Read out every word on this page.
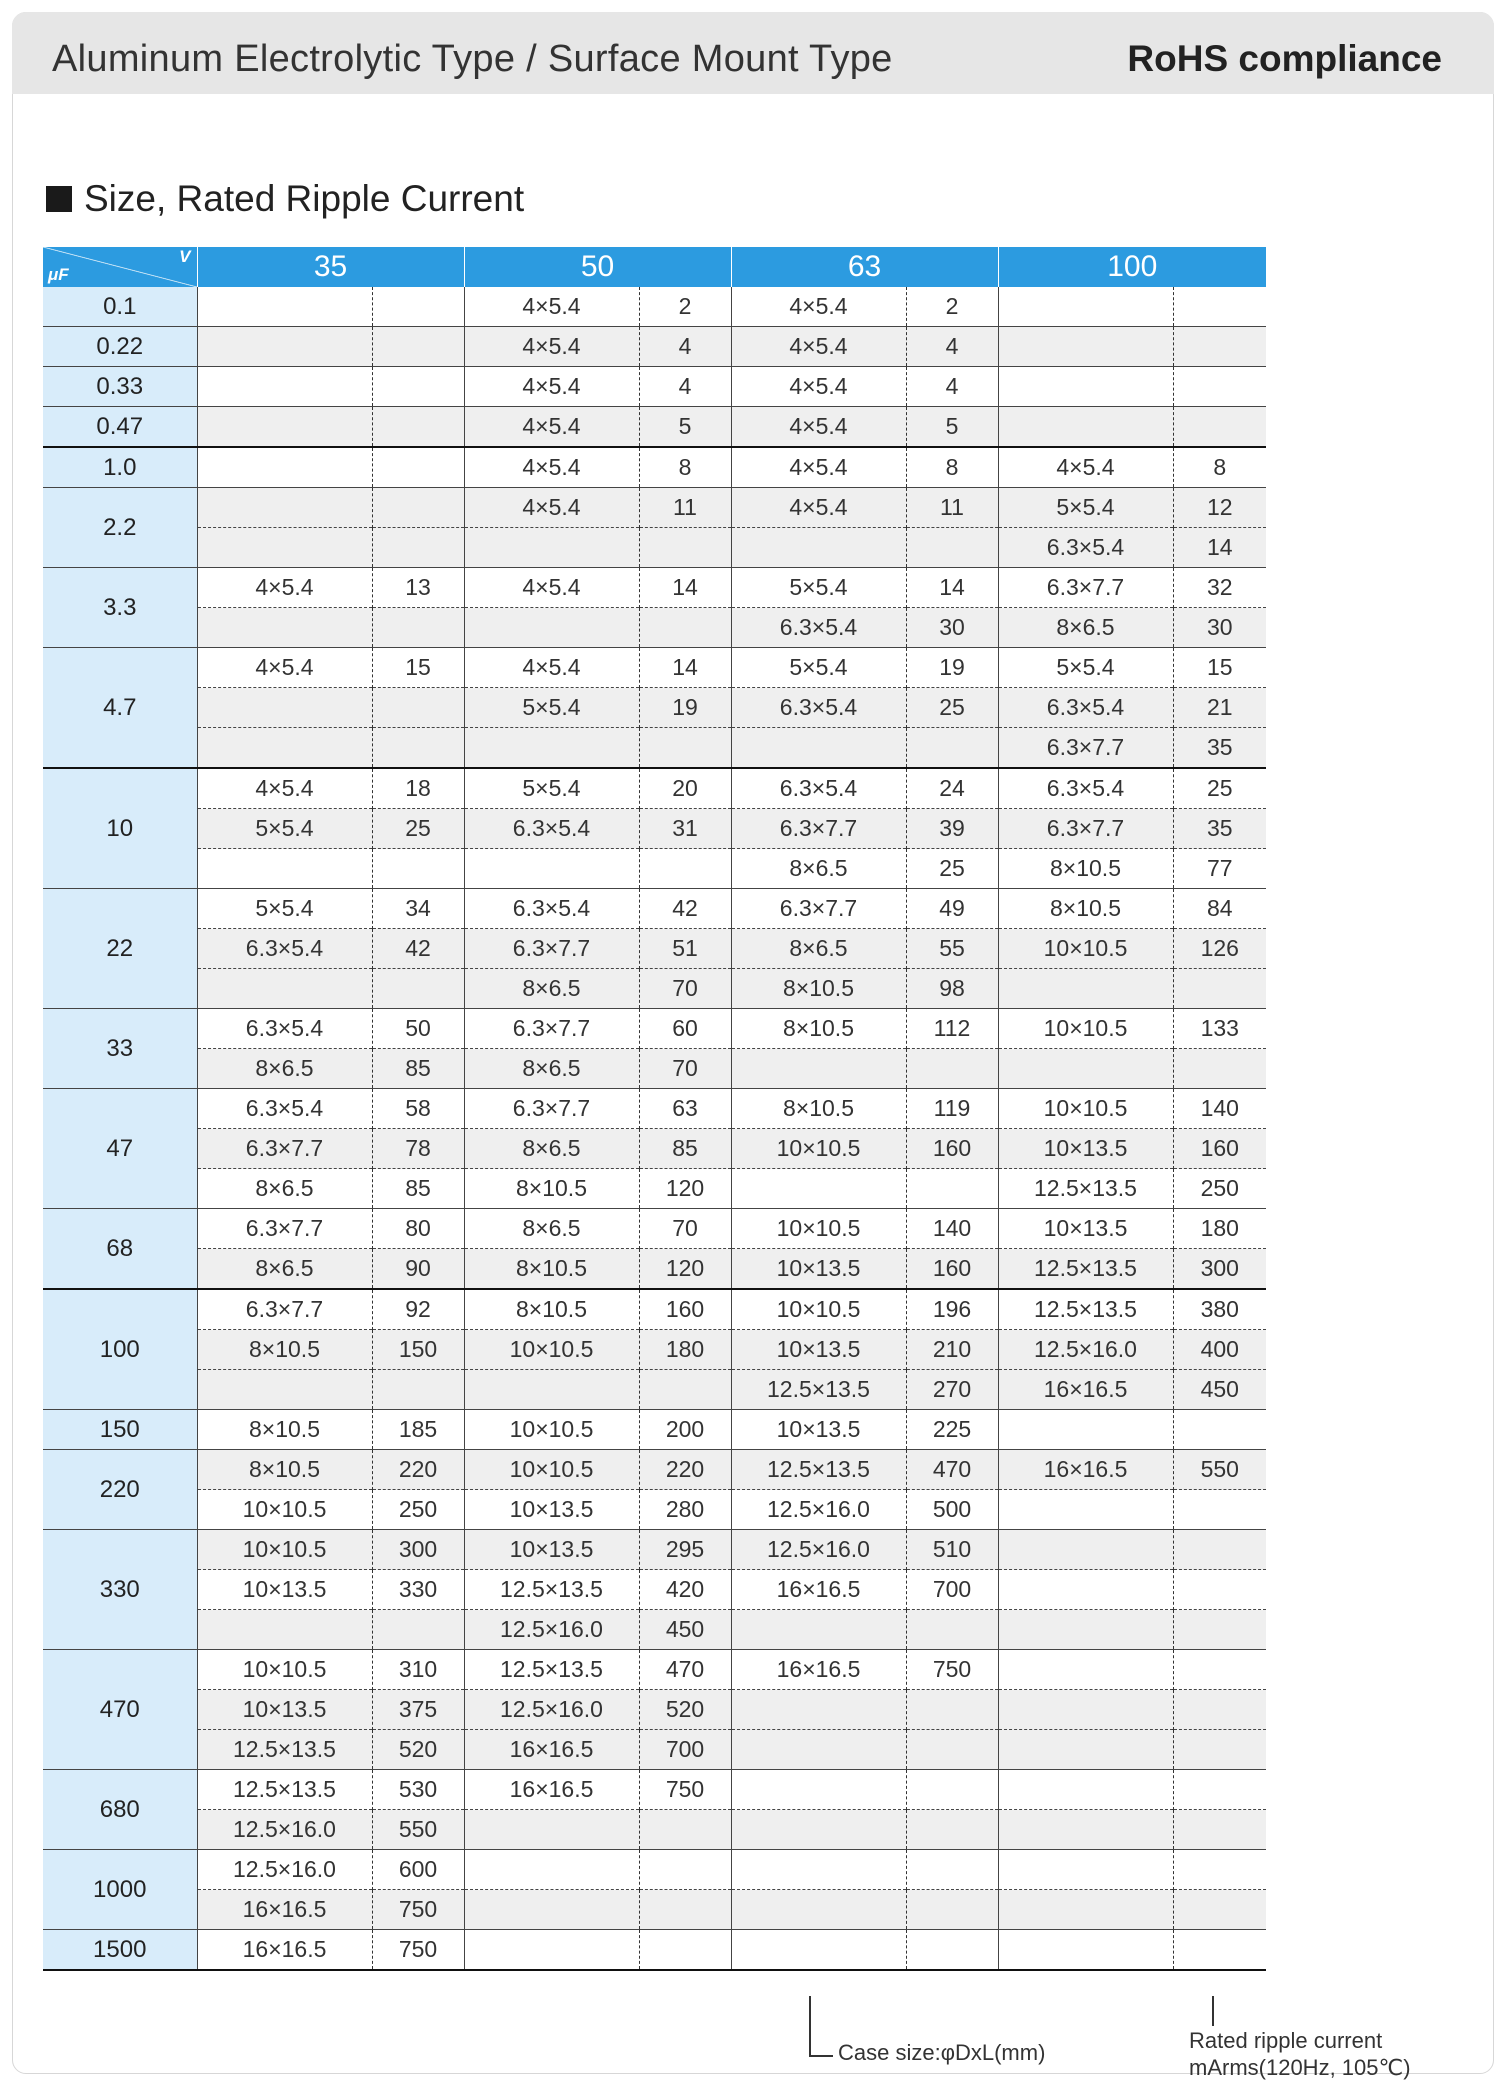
Aluminum Electrolytic Type / Surface Mount Type	RoHS compliance
Size, Rated Ripple Current
V
μF	35		50		63		100	
0.1			4×5.4	2	4×5.4	2		
0.22			4×5.4	4	4×5.4	4		
0.33			4×5.4	4	4×5.4	4		
0.47			4×5.4	5	4×5.4	5		
1.0			4×5.4	8	4×5.4	8	4×5.4	8
2.2			4×5.4	11	4×5.4	11	5×5.4	12
							6.3×5.4	14
3.3	4×5.4	13	4×5.4	14	5×5.4	14	6.3×7.7	32
					6.3×5.4	30	8×6.5	30
4.7	4×5.4	15	4×5.4	14	5×5.4	19	5×5.4	15
			5×5.4	19	6.3×5.4	25	6.3×5.4	21
							6.3×7.7	35
10	4×5.4	18	5×5.4	20	6.3×5.4	24	6.3×5.4	25
	5×5.4	25	6.3×5.4	31	6.3×7.7	39	6.3×7.7	35
					8×6.5	25	8×10.5	77
22	5×5.4	34	6.3×5.4	42	6.3×7.7	49	8×10.5	84
	6.3×5.4	42	6.3×7.7	51	8×6.5	55	10×10.5	126
			8×6.5	70	8×10.5	98		
33	6.3×5.4	50	6.3×7.7	60	8×10.5	112	10×10.5	133
	8×6.5	85	8×6.5	70				
47	6.3×5.4	58	6.3×7.7	63	8×10.5	119	10×10.5	140
	6.3×7.7	78	8×6.5	85	10×10.5	160	10×13.5	160
	8×6.5	85	8×10.5	120			12.5×13.5	250
68	6.3×7.7	80	8×6.5	70	10×10.5	140	10×13.5	180
	8×6.5	90	8×10.5	120	10×13.5	160	12.5×13.5	300
100	6.3×7.7	92	8×10.5	160	10×10.5	196	12.5×13.5	380
	8×10.5	150	10×10.5	180	10×13.5	210	12.5×16.0	400
					12.5×13.5	270	16×16.5	450
150	8×10.5	185	10×10.5	200	10×13.5	225		
220	8×10.5	220	10×10.5	220	12.5×13.5	470	16×16.5	550
	10×10.5	250	10×13.5	280	12.5×16.0	500		
330	10×10.5	300	10×13.5	295	12.5×16.0	510		
	10×13.5	330	12.5×13.5	420	16×16.5	700		
			12.5×16.0	450				
470	10×10.5	310	12.5×13.5	470	16×16.5	750		
	10×13.5	375	12.5×16.0	520				
	12.5×13.5	520	16×16.5	700				
680	12.5×13.5	530	16×16.5	750				
	12.5×16.0	550						
1000	12.5×16.0	600						
	16×16.5	750						
1500	16×16.5	750						
Case size:φDxL(mm)	Rated ripple current
mArms(120Hz, 105℃)
